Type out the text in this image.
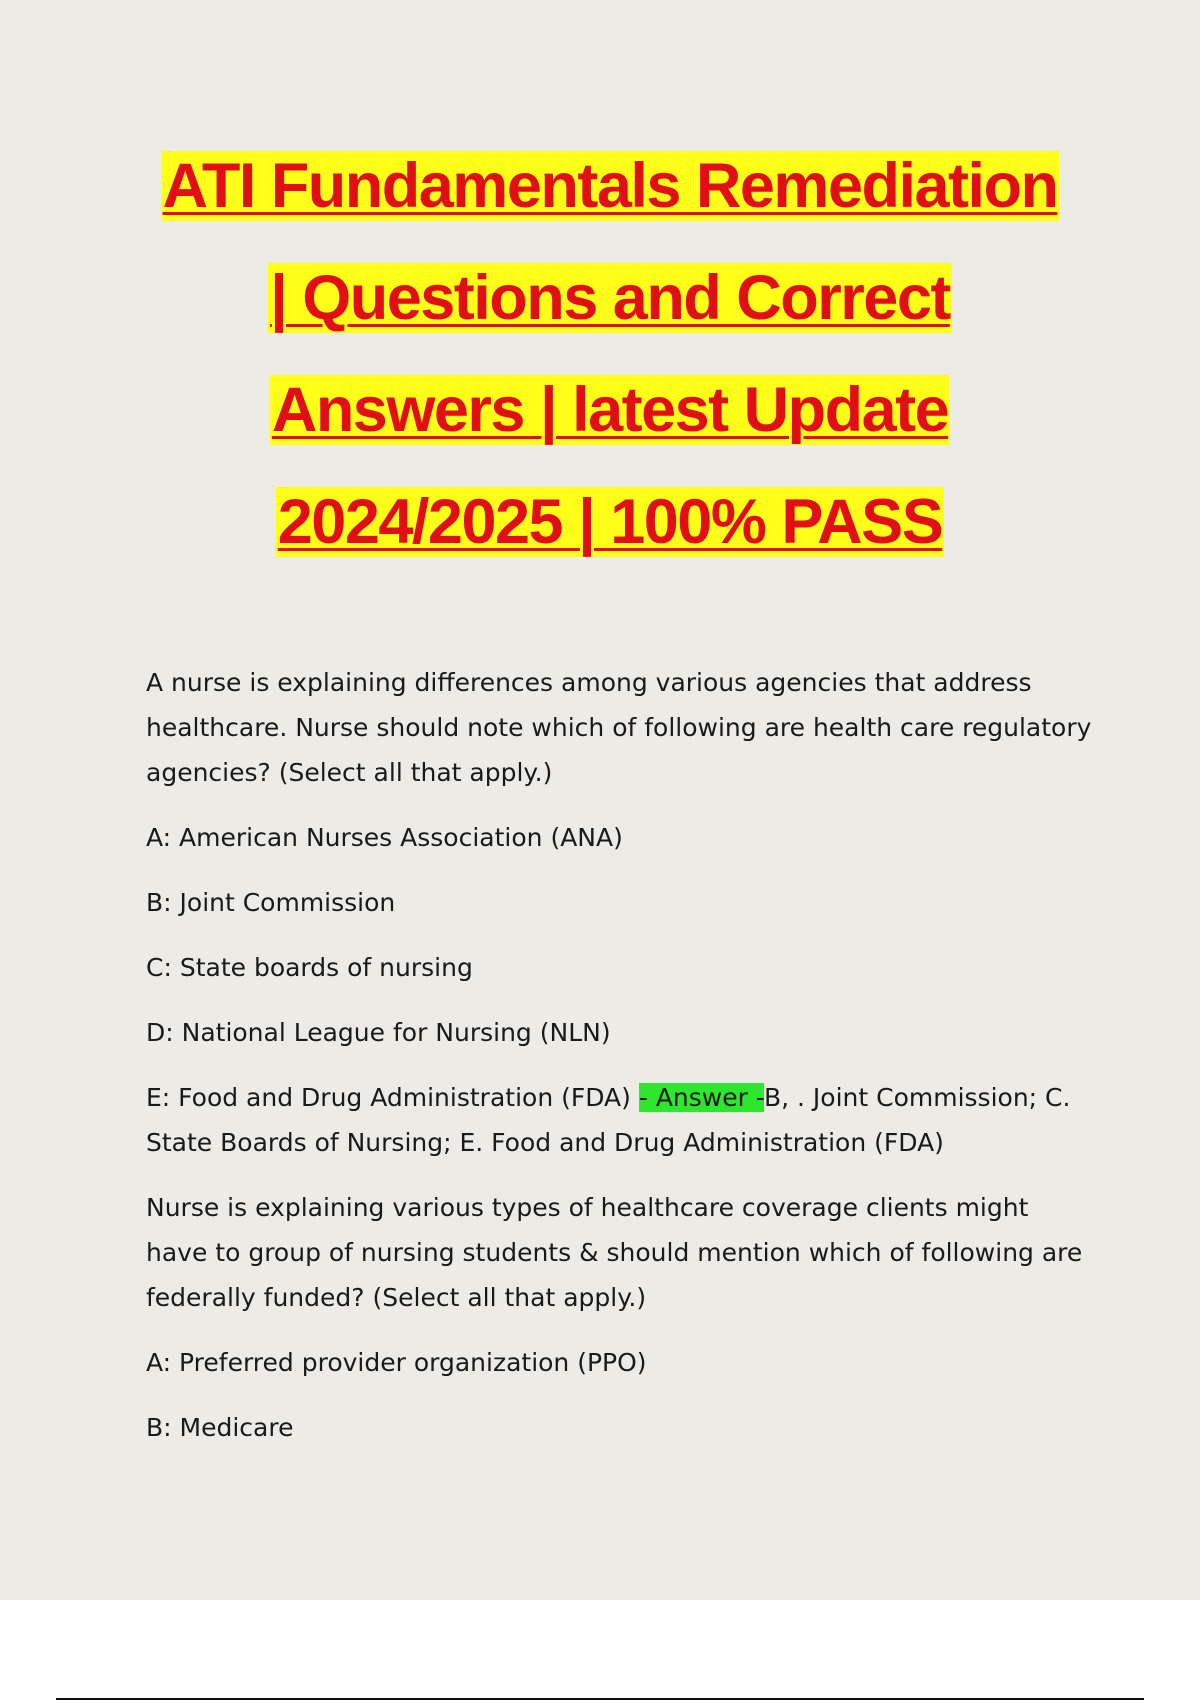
ATI Fundamentals Remediation
| Questions and Correct
Answers | latest Update
2024/2025 | 100% PASS

A nurse is explaining differences among various agencies that address healthcare. Nurse should note which of following are health care regulatory agencies? (Select all that apply.)

A: American Nurses Association (ANA)

B: Joint Commission

C: State boards of nursing

D: National League for Nursing (NLN)

E: Food and Drug Administration (FDA) - Answer -B, . Joint Commission; C. State Boards of Nursing; E. Food and Drug Administration (FDA)

Nurse is explaining various types of healthcare coverage clients might have to group of nursing students & should mention which of following are federally funded? (Select all that apply.)

A: Preferred provider organization (PPO)

B: Medicare
